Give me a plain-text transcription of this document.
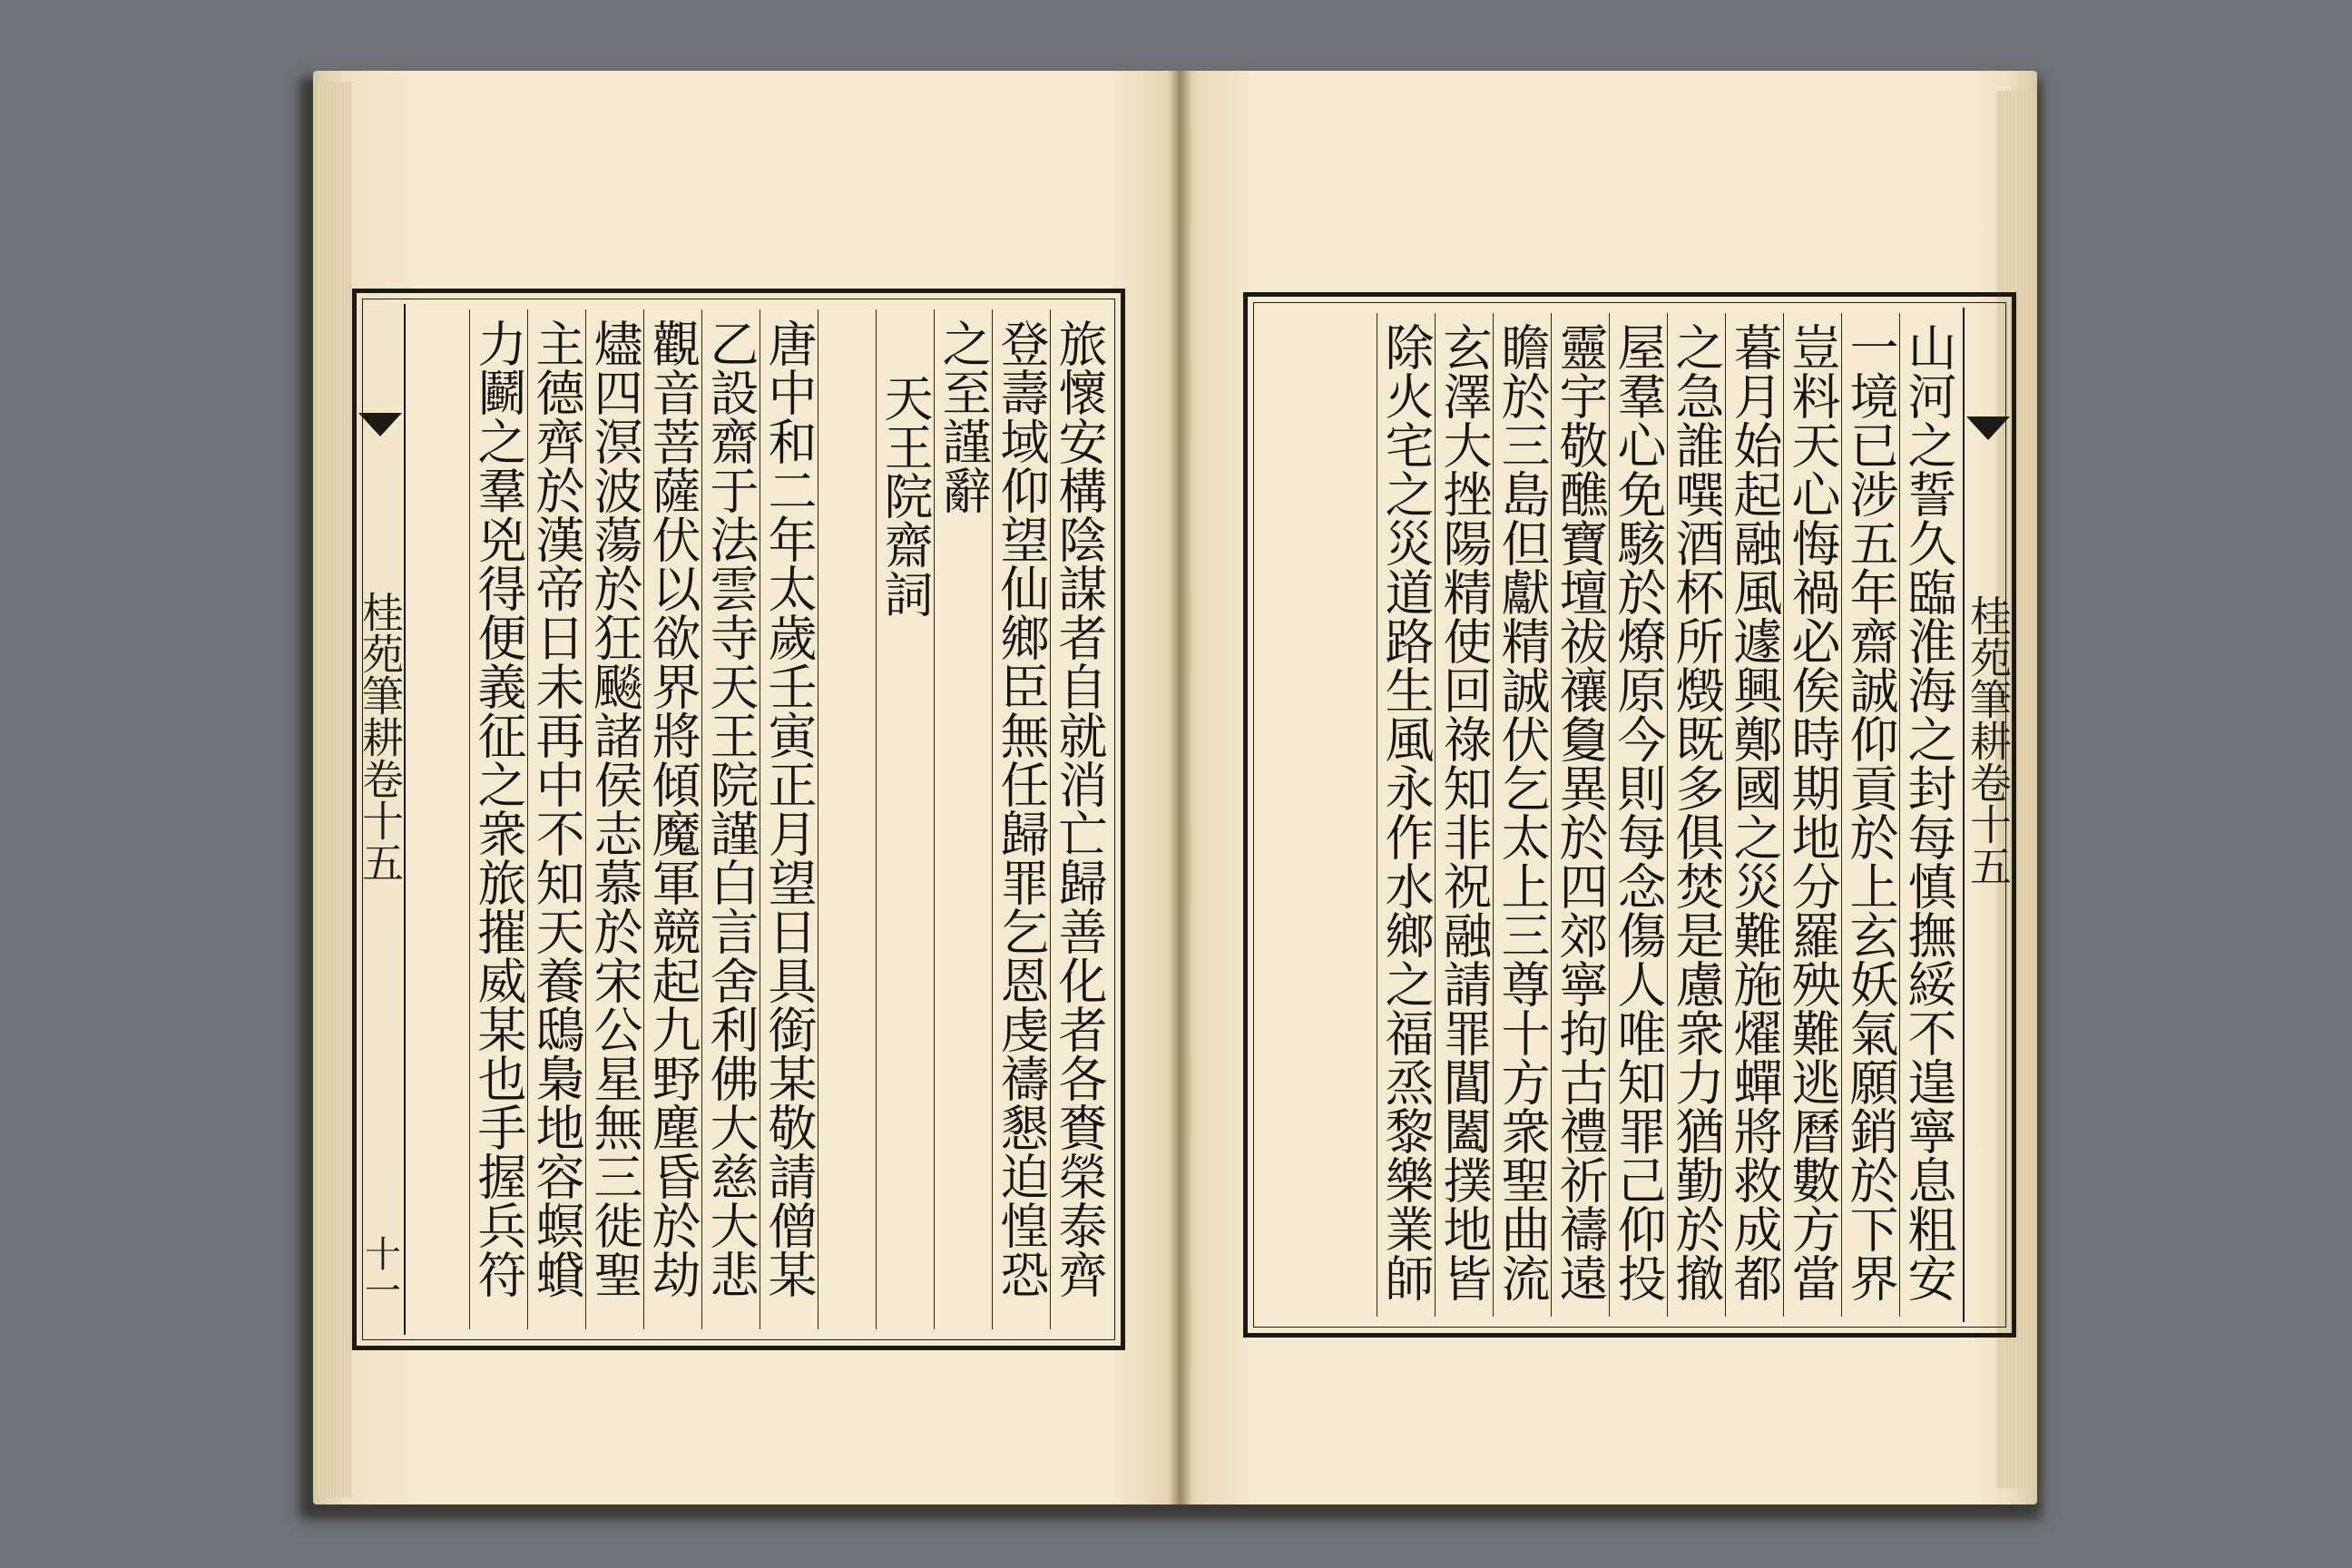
旅懷安構陰謀者自就消亡歸善化者各賚榮泰齊
登壽域仰望仙鄉臣無任歸罪乞恩虔禱懇迫惶恐
之至謹辭
天王院齋詞
唐中和二年太歲壬寅正月望日具銜某敬請僧某
乙設齋于法雲寺天王院謹白言舍利佛大慈大悲
觀音菩薩伏以欲界將傾魔軍競起九野塵昏於劫
燼四溟波蕩於狂飈諸侯志慕於宋公星無三徙聖
主德齊於漢帝日未再中不知天養鴟梟地容螟蟘
力鬬之羣兇得便義征之衆旅摧威某也手握兵符
桂苑筆耕卷十五
十一	山河之誓久臨淮海之封每慎撫綏不遑寧息粗安
一境已涉五年齋誠仰貢於上玄妖氣願銷於下界
豈料天心悔禍必俟時期地分羅殃難逃曆數方當
暮月始起融風遽興鄭國之災難施燿蟬將救成都
之急誰噀酒杯所燬既多俱焚是慮衆力猶勤於撤
屋羣心免駭於燎原今則每念傷人唯知罪己仰投
靈宇敬醮寶壇祓禳敻異於四郊寧拘古禮祈禱遠
瞻於三島但獻精誠伏乞太上三尊十方衆聖曲流
玄澤大挫陽精使回祿知非祝融請罪閶闔撲地皆
除火宅之災道路生風永作水鄉之福烝黎樂業師	桂苑筆耕卷十五
